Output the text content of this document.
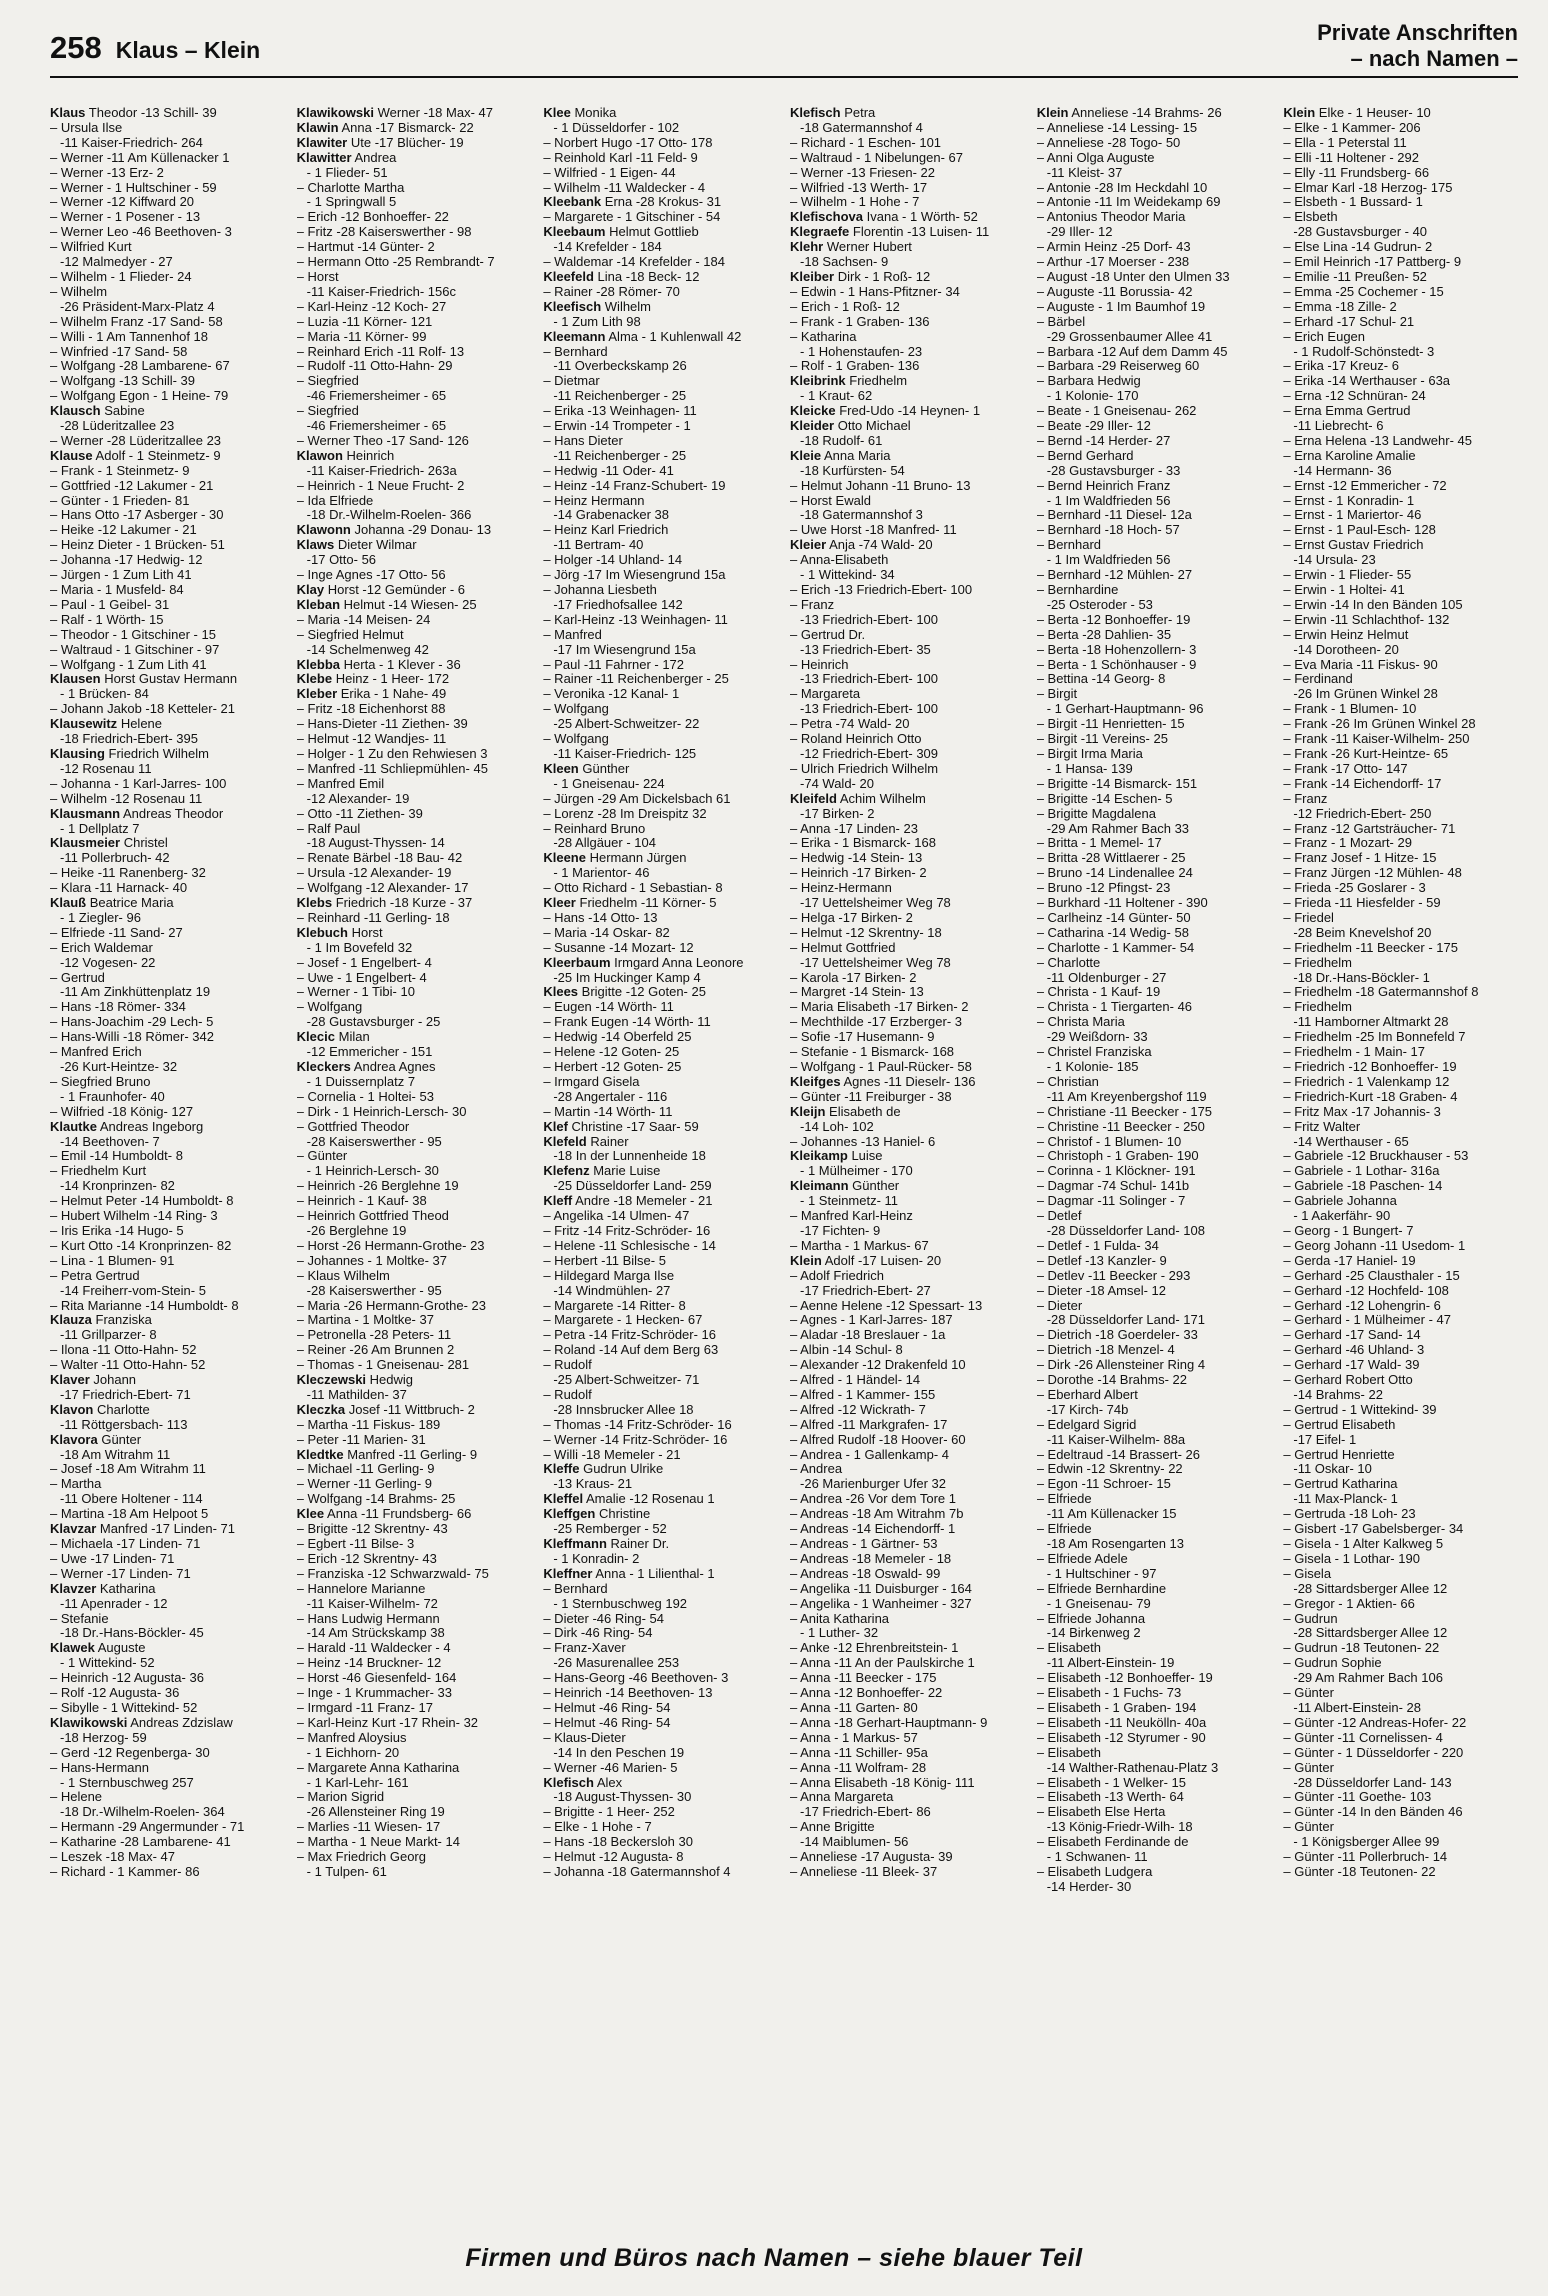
258 Klaus – Klein
Private Anschriften
– nach Namen –
Klaus Theodor -13 Schill- 39
– Ursula Ilse
-11 Kaiser-Friedrich- 264
– Werner -11 Am Küllenacker 1
– Werner -13 Erz- 2
– Werner - 1 Hultschiner - 59
– Werner -12 Kiffward 20
– Werner - 1 Posener - 13
– Werner Leo -46 Beethoven- 3
– Wilfried Kurt
-12 Malmedyer - 27
– Wilhelm - 1 Flieder- 24
– Wilhelm
-26 Präsident-Marx-Platz 4
– Wilhelm Franz -17 Sand- 58
– Willi - 1 Am Tannenhof 18
– Winfried -17 Sand- 58
– Wolfgang -28 Lambarene- 67
– Wolfgang -13 Schill- 39
– Wolfgang Egon - 1 Heine- 79
Klausch Sabine
-28 Lüderitzallee 23
– Werner -28 Lüderitzallee 23
Klause Adolf - 1 Steinmetz- 9
– Frank - 1 Steinmetz- 9
– Gottfried -12 Lakumer - 21
– Günter - 1 Frieden- 81
– Hans Otto -17 Asberger - 30
– Heike -12 Lakumer - 21
– Heinz Dieter - 1 Brücken- 51
– Johanna -17 Hedwig- 12
– Jürgen - 1 Zum Lith 41
– Maria - 1 Musfeld- 84
– Paul - 1 Geibel- 31
– Ralf - 1 Wörth- 15
– Theodor - 1 Gitschiner - 15
– Waltraud - 1 Gitschiner - 97
– Wolfgang - 1 Zum Lith 41
Klausen Horst Gustav Hermann
- 1 Brücken- 84
– Johann Jakob -18 Ketteler- 21
Klausewitz Helene
-18 Friedrich-Ebert- 395
Klausing Friedrich Wilhelm
-12 Rosenau 11
– Johanna - 1 Karl-Jarres- 100
– Wilhelm -12 Rosenau 11
Klausmann Andreas Theodor
- 1 Dellplatz 7
Klausmeier Christel
-11 Pollerbruch- 42
– Heike -11 Ranenberg- 32
– Klara -11 Harnack- 40
Klauß Beatrice Maria
- 1 Ziegler- 96
– Elfriede -11 Sand- 27
– Erich Waldemar
-12 Vogesen- 22
– Gertrud
-11 Am Zinkhüttenplatz 19
– Hans -18 Römer- 334
– Hans-Joachim -29 Lech- 5
– Hans-Willi -18 Römer- 342
– Manfred Erich
-26 Kurt-Heintze- 32
– Siegfried Bruno
- 1 Fraunhofer- 40
– Wilfried -18 König- 127
Klautke Andreas Ingeborg
-14 Beethoven- 7
– Emil -14 Humboldt- 8
– Friedhelm Kurt
-14 Kronprinzen- 82
– Helmut Peter -14 Humboldt- 8
– Hubert Wilhelm -14 Ring- 3
– Iris Erika -14 Hugo- 5
– Kurt Otto -14 Kronprinzen- 82
– Lina - 1 Blumen- 91
– Petra Gertrud
-14 Freiherr-vom-Stein- 5
– Rita Marianne -14 Humboldt- 8
Klauza Franziska
-11 Grillparzer- 8
– Ilona -11 Otto-Hahn- 52
– Walter -11 Otto-Hahn- 52
Klaver Johann
-17 Friedrich-Ebert- 71
Klavon Charlotte
-11 Röttgersbach- 113
Klavora Günter
-18 Am Witrahm 11
– Josef -18 Am Witrahm 11
– Martha
-11 Obere Holtener - 114
– Martina -18 Am Helpoot 5
Klavzar Manfred -17 Linden- 71
– Michaela -17 Linden- 71
– Uwe -17 Linden- 71
– Werner -17 Linden- 71
Klavzer Katharina
-11 Apenrader - 12
– Stefanie
-18 Dr.-Hans-Böckler- 45
Klawek Auguste
- 1 Wittekind- 52
– Heinrich -12 Augusta- 36
– Rolf -12 Augusta- 36
– Sibylle - 1 Wittekind- 52
Klawikowski Andreas Zdzislaw
-18 Herzog- 59
– Gerd -12 Regenberga- 30
– Hans-Hermann
- 1 Sternbuschweg 257
– Helene
-18 Dr.-Wilhelm-Roelen- 364
– Hermann -29 Angermunder - 71
– Katharine -28 Lambarene- 41
– Leszek -18 Max- 47
– Richard - 1 Kammer- 86
Klawikowski Werner -18 Max- 47
Klawin Anna -17 Bismarck- 22
Klawiter Ute -17 Blücher- 19
Klawitter Andrea
- 1 Flieder- 51
– Charlotte Martha
- 1 Springwall 5
– Erich -12 Bonhoeffer- 22
– Fritz -28 Kaiserswerther - 98
– Hartmut -14 Günter- 2
– Hermann Otto -25 Rembrandt- 7
– Horst
-11 Kaiser-Friedrich- 156c
– Karl-Heinz -12 Koch- 27
– Luzia -11 Körner- 121
– Maria -11 Körner- 99
– Reinhard Erich -11 Rolf- 13
– Rudolf -11 Otto-Hahn- 29
– Siegfried
-46 Friemersheimer - 65
– Siegfried
-46 Friemersheimer - 65
– Werner Theo -17 Sand- 126
Klawon Heinrich
-11 Kaiser-Friedrich- 263a
– Heinrich - 1 Neue Frucht- 2
– Ida Elfriede
-18 Dr.-Wilhelm-Roelen- 366
Klawonn Johanna -29 Donau- 13
Klaws Dieter Wilmar
-17 Otto- 56
– Inge Agnes -17 Otto- 56
Klay Horst -12 Gemünder - 6
Kleban Helmut -14 Wiesen- 25
– Maria -14 Meisen- 24
– Siegfried Helmut
-14 Schelmenweg 42
Klebba Herta - 1 Klever - 36
Klebe Heinz - 1 Heer- 172
Kleber Erika - 1 Nahe- 49
– Fritz -18 Eichenhorst 88
– Hans-Dieter -11 Ziethen- 39
– Helmut -12 Wandjes- 11
– Holger - 1 Zu den Rehwiesen 3
– Manfred -11 Schliepmühlen- 45
– Manfred Emil
-12 Alexander- 19
– Otto -11 Ziethen- 39
– Ralf Paul
-18 August-Thyssen- 14
– Renate Bärbel -18 Bau- 42
– Ursula -12 Alexander- 19
– Wolfgang -12 Alexander- 17
Klebs Friedrich -18 Kurze - 37
– Reinhard -11 Gerling- 18
Klebuch Horst
- 1 Im Bovefeld 32
– Josef - 1 Engelbert- 4
– Uwe - 1 Engelbert- 4
– Werner - 1 Tibi- 10
– Wolfgang
-28 Gustavsburger - 25
Klecic Milan
-12 Emmericher - 151
Kleckers Andrea Agnes
- 1 Duissernplatz 7
– Cornelia - 1 Holtei- 53
– Dirk - 1 Heinrich-Lersch- 30
– Gottfried Theodor
-28 Kaiserswerther - 95
– Günter
- 1 Heinrich-Lersch- 30
– Heinrich -26 Berglehne 19
– Heinrich - 1 Kauf- 38
– Heinrich Gottfried Theod
-26 Berglehne 19
– Horst -26 Hermann-Grothe- 23
– Johannes - 1 Moltke- 37
– Klaus Wilhelm
-28 Kaiserswerther - 95
– Maria -26 Hermann-Grothe- 23
– Martina - 1 Moltke- 37
– Petronella -28 Peters- 11
– Reiner -26 Am Brunnen 2
– Thomas - 1 Gneisenau- 281
Kleczewski Hedwig
-11 Mathilden- 37
Kleczka Josef -11 Wittbruch- 2
– Martha -11 Fiskus- 189
– Peter -11 Marien- 31
Kledtke Manfred -11 Gerling- 9
– Michael -11 Gerling- 9
– Werner -11 Gerling- 9
– Wolfgang -14 Brahms- 25
Klee Anna -11 Frundsberg- 66
– Brigitte -12 Skrentny- 43
– Egbert -11 Bilse- 3
– Erich -12 Skrentny- 43
– Franziska -12 Schwarzwald- 75
– Hannelore Marianne
-11 Kaiser-Wilhelm- 72
– Hans Ludwig Hermann
-14 Am Strückskamp 38
– Harald -11 Waldecker - 4
– Heinz -14 Bruckner- 12
– Horst -46 Giesenfeld- 164
– Inge - 1 Krummacher- 33
– Irmgard -11 Franz- 17
– Karl-Heinz Kurt -17 Rhein- 32
– Manfred Aloysius
- 1 Eichhorn- 20
– Margarete Anna Katharina
- 1 Karl-Lehr- 161
– Marion Sigrid
-26 Allensteiner Ring 19
– Marlies -11 Wiesen- 17
– Martha - 1 Neue Markt- 14
– Max Friedrich Georg
- 1 Tulpen- 61
Klee Monika
- 1 Düsseldorfer - 102
– Norbert Hugo -17 Otto- 178
– Reinhold Karl -11 Feld- 9
– Wilfried - 1 Eigen- 44
– Wilhelm -11 Waldecker - 4
Kleebank Erna -28 Krokus- 31
– Margarete - 1 Gitschiner - 54
Kleebaum Helmut Gottlieb
-14 Krefelder - 184
– Waldemar -14 Krefelder - 184
Kleefeld Lina -18 Beck- 12
– Rainer -28 Römer- 70
Kleefisch Wilhelm
- 1 Zum Lith 98
Kleemann Alma - 1 Kuhlenwall 42
– Bernhard
-11 Overbeckskamp 26
– Dietmar
-11 Reichenberger - 25
– Erika -13 Weinhagen- 11
– Erwin -14 Trompeter - 1
– Hans Dieter
-11 Reichenberger - 25
– Hedwig -11 Oder- 41
– Heinz -14 Franz-Schubert- 19
– Heinz Hermann
-14 Grabenacker 38
– Heinz Karl Friedrich
-11 Bertram- 40
– Holger -14 Uhland- 14
– Jörg -17 Im Wiesengrund 15a
– Johanna Liesbeth
-17 Friedhofsallee 142
– Karl-Heinz -13 Weinhagen- 11
– Manfred
-17 Im Wiesengrund 15a
– Paul -11 Fahrner - 172
– Rainer -11 Reichenberger - 25
– Veronika -12 Kanal- 1
– Wolfgang
-25 Albert-Schweitzer- 22
– Wolfgang
-11 Kaiser-Friedrich- 125
Kleen Günther
- 1 Gneisenau- 224
– Jürgen -29 Am Dickelsbach 61
– Lorenz -28 Im Dreispitz 32
– Reinhard Bruno
-28 Allgäuer - 104
Kleene Hermann Jürgen
- 1 Marientor- 46
– Otto Richard - 1 Sebastian- 8
Kleer Friedhelm -11 Körner- 5
– Hans -14 Otto- 13
– Maria -14 Oskar- 82
– Susanne -14 Mozart- 12
Kleerbaum Irmgard Anna Leonore
-25 Im Huckinger Kamp 4
Klees Brigitte -12 Goten- 25
– Eugen -14 Wörth- 11
– Frank Eugen -14 Wörth- 11
– Hedwig -14 Oberfeld 25
– Helene -12 Goten- 25
– Herbert -12 Goten- 25
– Irmgard Gisela
-28 Angertaler - 116
– Martin -14 Wörth- 11
Klef Christine -17 Saar- 59
Klefeld Rainer
-18 In der Lunnenheide 18
Klefenz Marie Luise
-25 Düsseldorfer Land- 259
Kleff Andre -18 Memeler - 21
– Angelika -14 Ulmen- 47
– Fritz -14 Fritz-Schröder- 16
– Helene -11 Schlesische - 14
– Herbert -11 Bilse- 5
– Hildegard Marga Ilse
-14 Windmühlen- 27
– Margarete -14 Ritter- 8
– Margarete - 1 Hecken- 67
– Petra -14 Fritz-Schröder- 16
– Roland -14 Auf dem Berg 63
– Rudolf
-25 Albert-Schweitzer- 71
– Rudolf
-28 Innsbrucker Allee 18
– Thomas -14 Fritz-Schröder- 16
– Werner -14 Fritz-Schröder- 16
– Willi -18 Memeler - 21
Kleffe Gudrun Ulrike
-13 Kraus- 21
Kleffel Amalie -12 Rosenau 1
Kleffgen Christine
-25 Remberger - 52
Kleffmann Rainer Dr.
- 1 Konradin- 2
Kleffner Anna - 1 Lilienthal- 1
– Bernhard
- 1 Sternbuschweg 192
– Dieter -46 Ring- 54
– Dirk -46 Ring- 54
– Franz-Xaver
-26 Masurenallee 253
– Hans-Georg -46 Beethoven- 3
– Heinrich -14 Beethoven- 13
– Helmut -46 Ring- 54
– Helmut -46 Ring- 54
– Klaus-Dieter
-14 In den Peschen 19
– Werner -46 Marien- 5
Klefisch Alex
-18 August-Thyssen- 30
– Brigitte - 1 Heer- 252
– Elke - 1 Hohe - 7
– Hans -18 Beckersloh 30
– Helmut -12 Augusta- 8
– Johanna -18 Gatermannshof 4
Klefisch Petra
-18 Gatermannshof 4
– Richard - 1 Eschen- 101
– Waltraud - 1 Nibelungen- 67
– Werner -13 Friesen- 22
– Wilfried -13 Werth- 17
– Wilhelm - 1 Hohe - 7
Klefischova Ivana - 1 Wörth- 52
Klegraefe Florentin -13 Luisen- 11
Klehr Werner Hubert
-18 Sachsen- 9
Kleiber Dirk - 1 Roß- 12
– Edwin - 1 Hans-Pfitzner- 34
– Erich - 1 Roß- 12
– Frank - 1 Graben- 136
– Katharina
- 1 Hohenstaufen- 23
– Rolf - 1 Graben- 136
Kleibrink Friedhelm
- 1 Kraut- 62
Kleicke Fred-Udo -14 Heynen- 1
Kleider Otto Michael
-18 Rudolf- 61
Kleie Anna Maria
-18 Kurfürsten- 54
– Helmut Johann -11 Bruno- 13
– Horst Ewald
-18 Gatermannshof 3
– Uwe Horst -18 Manfred- 11
Kleier Anja -74 Wald- 20
– Anna-Elisabeth
- 1 Wittekind- 34
– Erich -13 Friedrich-Ebert- 100
– Franz
-13 Friedrich-Ebert- 100
– Gertrud Dr.
-13 Friedrich-Ebert- 35
– Heinrich
-13 Friedrich-Ebert- 100
– Margareta
-13 Friedrich-Ebert- 100
– Petra -74 Wald- 20
– Roland Heinrich Otto
-12 Friedrich-Ebert- 309
– Ulrich Friedrich Wilhelm
-74 Wald- 20
Kleifeld Achim Wilhelm
-17 Birken- 2
– Anna -17 Linden- 23
– Erika - 1 Bismarck- 168
– Hedwig -14 Stein- 13
– Heinrich -17 Birken- 2
– Heinz-Hermann
-17 Uettelsheimer Weg 78
– Helga -17 Birken- 2
– Helmut -12 Skrentny- 18
– Helmut Gottfried
-17 Uettelsheimer Weg 78
– Karola -17 Birken- 2
– Margret -14 Stein- 13
– Maria Elisabeth -17 Birken- 2
– Mechthilde -17 Erzberger- 3
– Sofie -17 Husemann- 9
– Stefanie - 1 Bismarck- 168
– Wolfgang - 1 Paul-Rücker- 58
Kleifges Agnes -11 Dieselr- 136
– Günter -11 Freiburger - 38
Kleijn Elisabeth de
-14 Loh- 102
– Johannes -13 Haniel- 6
Kleikamp Luise
- 1 Mülheimer - 170
Kleimann Günther
- 1 Steinmetz- 11
– Manfred Karl-Heinz
-17 Fichten- 9
– Martha - 1 Markus- 67
Klein Adolf -17 Luisen- 20
– Adolf Friedrich
-17 Friedrich-Ebert- 27
– Aenne Helene -12 Spessart- 13
– Agnes - 1 Karl-Jarres- 187
– Aladar -18 Breslauer - 1a
– Albin -14 Schul- 8
– Alexander -12 Drakenfeld 10
– Alfred - 1 Händel- 14
– Alfred - 1 Kammer- 155
– Alfred -12 Wickrath- 7
– Alfred -11 Markgrafen- 17
– Alfred Rudolf -18 Hoover- 60
– Andrea - 1 Gallenkamp- 4
– Andrea
-26 Marienburger Ufer 32
– Andrea -26 Vor dem Tore 1
– Andreas -18 Am Witrahm 7b
– Andreas -14 Eichendorff- 1
– Andreas - 1 Gärtner- 53
– Andreas -18 Memeler - 18
– Andreas -18 Oswald- 99
– Angelika -11 Duisburger - 164
– Angelika - 1 Wanheimer - 327
– Anita Katharina
- 1 Luther- 32
– Anke -12 Ehrenbreitstein- 1
– Anna -11 An der Paulskirche 1
– Anna -11 Beecker - 175
– Anna -12 Bonhoeffer- 22
– Anna -11 Garten- 80
– Anna -18 Gerhart-Hauptmann- 9
– Anna - 1 Markus- 57
– Anna -11 Schiller- 95a
– Anna -11 Wolfram- 28
– Anna Elisabeth -18 König- 111
– Anna Margareta
-17 Friedrich-Ebert- 86
– Anne Brigitte
-14 Maiblumen- 56
– Anneliese -17 Augusta- 39
– Anneliese -11 Bleek- 37
Klein Anneliese -14 Brahms- 26
– Anneliese -14 Lessing- 15
– Anneliese -28 Togo- 50
– Anni Olga Auguste
-11 Kleist- 37
– Antonie -28 Im Heckdahl 10
– Antonie -11 Im Weidekamp 69
– Antonius Theodor Maria
-29 Iller- 12
– Armin Heinz -25 Dorf- 43
– Arthur -17 Moerser - 238
– August -18 Unter den Ulmen 33
– Auguste -11 Borussia- 42
– Auguste - 1 Im Baumhof 19
– Bärbel
-29 Grossenbaumer Allee 41
– Barbara -12 Auf dem Damm 45
– Barbara -29 Reiserweg 60
– Barbara Hedwig
- 1 Kolonie- 170
– Beate - 1 Gneisenau- 262
– Beate -29 Iller- 12
– Bernd -14 Herder- 27
– Bernd Gerhard
-28 Gustavsburger - 33
– Bernd Heinrich Franz
- 1 Im Waldfrieden 56
– Bernhard -11 Diesel- 12a
– Bernhard -18 Hoch- 57
– Bernhard
- 1 Im Waldfrieden 56
– Bernhard -12 Mühlen- 27
– Bernhardine
-25 Osteroder - 53
– Berta -12 Bonhoeffer- 19
– Berta -28 Dahlien- 35
– Berta -18 Hohenzollern- 3
– Berta - 1 Schönhauser - 9
– Bettina -14 Georg- 8
– Birgit
- 1 Gerhart-Hauptmann- 96
– Birgit -11 Henrietten- 15
– Birgit -11 Vereins- 25
– Birgit Irma Maria
- 1 Hansa- 139
– Brigitte -14 Bismarck- 151
– Brigitte -14 Eschen- 5
– Brigitte Magdalena
-29 Am Rahmer Bach 33
– Britta - 1 Memel- 17
– Britta -28 Wittlaerer - 25
– Bruno -14 Lindenallee 24
– Bruno -12 Pfingst- 23
– Burkhard -11 Holtener - 390
– Carlheinz -14 Günter- 50
– Catharina -14 Wedig- 58
– Charlotte - 1 Kammer- 54
– Charlotte
-11 Oldenburger - 27
– Christa - 1 Kauf- 19
– Christa - 1 Tiergarten- 46
– Christa Maria
-29 Weißdorn- 33
– Christel Franziska
- 1 Kolonie- 185
– Christian
-11 Am Kreyenbergshof 119
– Christiane -11 Beecker - 175
– Christine -11 Beecker - 250
– Christof - 1 Blumen- 10
– Christoph - 1 Graben- 190
– Corinna - 1 Klöckner- 191
– Dagmar -74 Schul- 141b
– Dagmar -11 Solinger - 7
– Detlef
-28 Düsseldorfer Land- 108
– Detlef - 1 Fulda- 34
– Detlef -13 Kanzler- 9
– Detlev -11 Beecker - 293
– Dieter -18 Amsel- 12
– Dieter
-28 Düsseldorfer Land- 171
– Dietrich -18 Goerdeler- 33
– Dietrich -18 Menzel- 4
– Dirk -26 Allensteiner Ring 4
– Dorothe -14 Brahms- 22
– Eberhard Albert
-17 Kirch- 74b
– Edelgard Sigrid
-11 Kaiser-Wilhelm- 88a
– Edeltraud -14 Brassert- 26
– Edwin -12 Skrentny- 22
– Egon -11 Schroer- 15
– Elfriede
-11 Am Küllenacker 15
– Elfriede
-18 Am Rosengarten 13
– Elfriede Adele
- 1 Hultschiner - 97
– Elfriede Bernhardine
- 1 Gneisenau- 79
– Elfriede Johanna
-14 Birkenweg 2
– Elisabeth
-11 Albert-Einstein- 19
– Elisabeth -12 Bonhoeffer- 19
– Elisabeth - 1 Fuchs- 73
– Elisabeth - 1 Graben- 194
– Elisabeth -11 Neukölln- 40a
– Elisabeth -12 Styrumer - 90
– Elisabeth
-14 Walther-Rathenau-Platz 3
– Elisabeth - 1 Welker- 15
– Elisabeth -13 Werth- 64
– Elisabeth Else Herta
-13 König-Friedr-Wilh- 18
– Elisabeth Ferdinande de
- 1 Schwanen- 11
– Elisabeth Ludgera
-14 Herder- 30
Klein Elke - 1 Heuser- 10
– Elke - 1 Kammer- 206
– Ella - 1 Peterstal 11
– Elli -11 Holtener - 292
– Elly -11 Frundsberg- 66
– Elmar Karl -18 Herzog- 175
– Elsbeth - 1 Bussard- 1
– Elsbeth
-28 Gustavsburger - 40
– Else Lina -14 Gudrun- 2
– Emil Heinrich -17 Pattberg- 9
– Emilie -11 Preußen- 52
– Emma -25 Cochemer - 15
– Emma -18 Zille- 2
– Erhard -17 Schul- 21
– Erich Eugen
- 1 Rudolf-Schönstedt- 3
– Erika -17 Kreuz- 6
– Erika -14 Werthauser - 63a
– Erna -12 Schnüran- 24
– Erna Emma Gertrud
-11 Liebrecht- 6
– Erna Helena -13 Landwehr- 45
– Erna Karoline Amalie
-14 Hermann- 36
– Ernst -12 Emmericher - 72
– Ernst - 1 Konradin- 1
– Ernst - 1 Mariertor- 46
– Ernst - 1 Paul-Esch- 128
– Ernst Gustav Friedrich
-14 Ursula- 23
– Erwin - 1 Flieder- 55
– Erwin - 1 Holtei- 41
– Erwin -14 In den Bänden 105
– Erwin -11 Schlachthof- 132
– Erwin Heinz Helmut
-14 Dorotheen- 20
– Eva Maria -11 Fiskus- 90
– Ferdinand
-26 Im Grünen Winkel 28
– Frank - 1 Blumen- 10
– Frank -26 Im Grünen Winkel 28
– Frank -11 Kaiser-Wilhelm- 250
– Frank -26 Kurt-Heintze- 65
– Frank -17 Otto- 147
– Frank -14 Eichendorff- 17
– Franz
-12 Friedrich-Ebert- 250
– Franz -12 Gartsträucher- 71
– Franz - 1 Mozart- 29
– Franz Josef - 1 Hitze- 15
– Franz Jürgen -12 Mühlen- 48
– Frieda -25 Goslarer - 3
– Frieda -11 Hiesfelder - 59
– Friedel
-28 Beim Knevelshof 20
– Friedhelm -11 Beecker - 175
– Friedhelm
-18 Dr.-Hans-Böckler- 1
– Friedhelm -18 Gatermannshof 8
– Friedhelm
-11 Hamborner Altmarkt 28
– Friedhelm -25 Im Bonnefeld 7
– Friedhelm - 1 Main- 17
– Friedrich -12 Bonhoeffer- 19
– Friedrich - 1 Valenkamp 12
– Friedrich-Kurt -18 Graben- 4
– Fritz Max -17 Johannis- 3
– Fritz Walter
-14 Werthauser - 65
– Gabriele -12 Bruckhauser - 53
– Gabriele - 1 Lothar- 316a
– Gabriele -18 Paschen- 14
– Gabriele Johanna
- 1 Aakerfähr- 90
– Georg - 1 Bungert- 7
– Georg Johann -11 Usedom- 1
– Gerda -17 Haniel- 19
– Gerhard -25 Clausthaler - 15
– Gerhard -12 Hochfeld- 108
– Gerhard -12 Lohengrin- 6
– Gerhard - 1 Mülheimer - 47
– Gerhard -17 Sand- 14
– Gerhard -46 Uhland- 3
– Gerhard -17 Wald- 39
– Gerhard Robert Otto
-14 Brahms- 22
– Gertrud - 1 Wittekind- 39
– Gertrud Elisabeth
-17 Eifel- 1
– Gertrud Henriette
-11 Oskar- 10
– Gertrud Katharina
-11 Max-Planck- 1
– Gertruda -18 Loh- 23
– Gisbert -17 Gabelsberger- 34
– Gisela - 1 Alter Kalkweg 5
– Gisela - 1 Lothar- 190
– Gisela
-28 Sittardsberger Allee 12
– Gregor - 1 Aktien- 66
– Gudrun
-28 Sittardsberger Allee 12
– Gudrun -18 Teutonen- 22
– Gudrun Sophie
-29 Am Rahmer Bach 106
– Günter
-11 Albert-Einstein- 28
– Günter -12 Andreas-Hofer- 22
– Günter -11 Cornelissen- 4
– Günter - 1 Düsseldorfer - 220
– Günter
-28 Düsseldorfer Land- 143
– Günter -11 Goethe- 103
– Günter -14 In den Bänden 46
– Günter
- 1 Königsberger Allee 99
– Günter -11 Pollerbruch- 14
– Günter -18 Teutonen- 22
Firmen und Büros nach Namen – siehe blauer Teil
